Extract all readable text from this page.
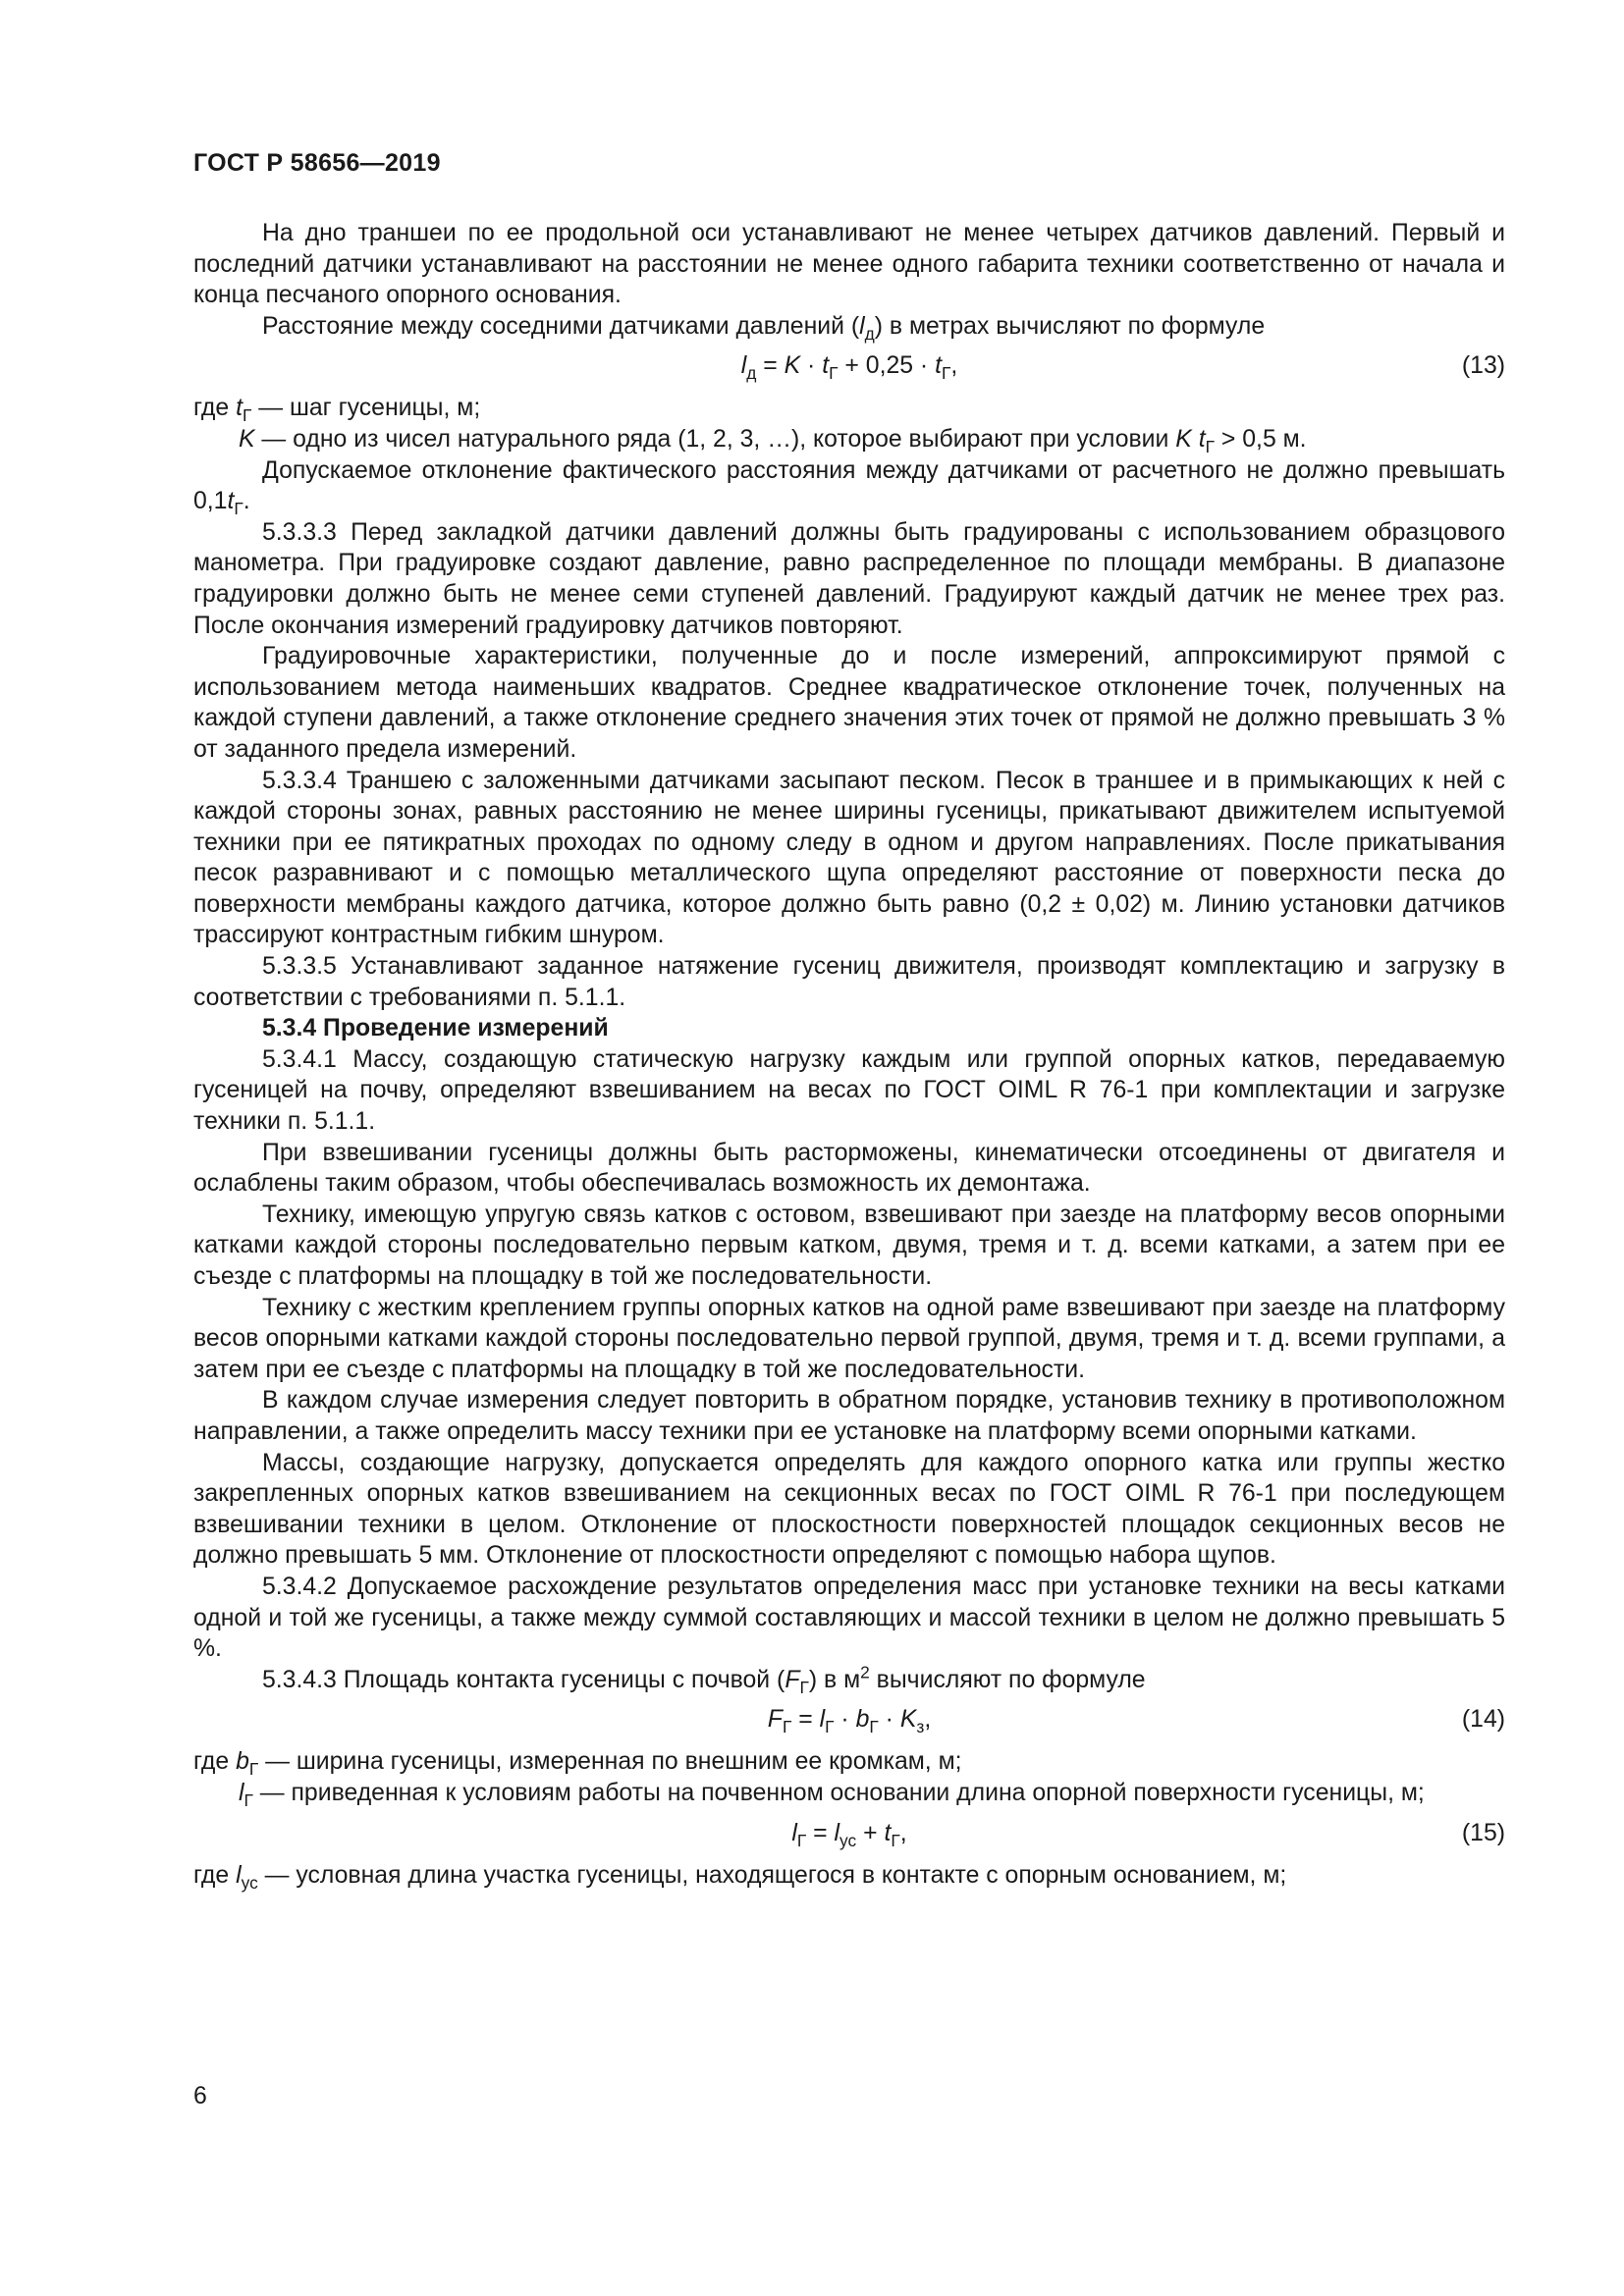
ГОСТ Р 58656—2019

На дно траншеи по ее продольной оси устанавливают не менее четырех датчиков давлений. Первый и последний датчики устанавливают на расстоянии не менее одного габарита техники соответственно от начала и конца песчаного опорного основания.

Расстояние между соседними датчиками давлений $(l_д)$ в метрах вычисляют по формуле

$l_д = K \cdot t_Г + 0,25 \cdot t_Г$,	(13)

где $t_Г$ — шаг гусеницы, м;

K — одно из чисел натурального ряда (1, 2, 3, …), которое выбирают при условии K $t_Г > 0,5$ м.

Допускаемое отклонение фактического расстояния между датчиками от расчетного не должно превышать $0,1t_Г$.

5.3.3.3 Перед закладкой датчики давлений должны быть градуированы с использованием образцового манометра. При градуировке создают давление, равно распределенное по площади мембраны. В диапазоне градуировки должно быть не менее семи ступеней давлений. Градуируют каждый датчик не менее трех раз. После окончания измерений градуировку датчиков повторяют.

Градуировочные характеристики, полученные до и после измерений, аппроксимируют прямой с использованием метода наименьших квадратов. Среднее квадратическое отклонение точек, полученных на каждой ступени давлений, а также отклонение среднего значения этих точек от прямой не должно превышать 3 % от заданного предела измерений.

5.3.3.4 Траншею с заложенными датчиками засыпают песком. Песок в траншее и в примыкающих к ней с каждой стороны зонах, равных расстоянию не менее ширины гусеницы, прикатывают движителем испытуемой техники при ее пятикратных проходах по одному следу в одном и другом направлениях. После прикатывания песок разравнивают и с помощью металлического щупа определяют расстояние от поверхности песка до поверхности мембраны каждого датчика, которое должно быть равно (0,2 ± 0,02) м. Линию установки датчиков трассируют контрастным гибким шнуром.

5.3.3.5 Устанавливают заданное натяжение гусениц движителя, производят комплектацию и загрузку в соответствии с требованиями п. 5.1.1.

5.3.4 Проведение измерений

5.3.4.1 Массу, создающую статическую нагрузку каждым или группой опорных катков, передаваемую гусеницей на почву, определяют взвешиванием на весах по ГОСТ OIML R 76-1 при комплектации и загрузке техники п. 5.1.1.

При взвешивании гусеницы должны быть расторможены, кинематически отсоединены от двигателя и ослаблены таким образом, чтобы обеспечивалась возможность их демонтажа.

Технику, имеющую упругую связь катков с остовом, взвешивают при заезде на платформу весов опорными катками каждой стороны последовательно первым катком, двумя, тремя и т. д. всеми катками, а затем при ее съезде с платформы на площадку в той же последовательности.

Технику с жестким креплением группы опорных катков на одной раме взвешивают при заезде на платформу весов опорными катками каждой стороны последовательно первой группой, двумя, тремя и т. д. всеми группами, а затем при ее съезде с платформы на площадку в той же последовательности.

В каждом случае измерения следует повторить в обратном порядке, установив технику в противоположном направлении, а также определить массу техники при ее установке на платформу всеми опорными катками.

Массы, создающие нагрузку, допускается определять для каждого опорного катка или группы жестко закрепленных опорных катков взвешиванием на секционных весах по ГОСТ OIML R 76-1 при последующем взвешивании техники в целом. Отклонение от плоскостности поверхностей площадок секционных весов не должно превышать 5 мм. Отклонение от плоскостности определяют с помощью набора щупов.

5.3.4.2 Допускаемое расхождение результатов определения масс при установке техники на весы катками одной и той же гусеницы, а также между суммой составляющих и массой техники в целом не должно превышать 5 %.

5.3.4.3 Площадь контакта гусеницы с почвой $(F_Г)$ в $м^2$ вычисляют по формуле

$F_Г = l_Г \cdot b_Г \cdot K_з$,	(14)

где $b_Г$ — ширина гусеницы, измеренная по внешним ее кромкам, м;

$l_Г$ — приведенная к условиям работы на почвенном основании длина опорной поверхности гусеницы, м;

$l_Г = l_{ус} + t_Г$,	(15)

где $l_{ус}$ — условная длина участка гусеницы, находящегося в контакте с опорным основанием, м;

6
